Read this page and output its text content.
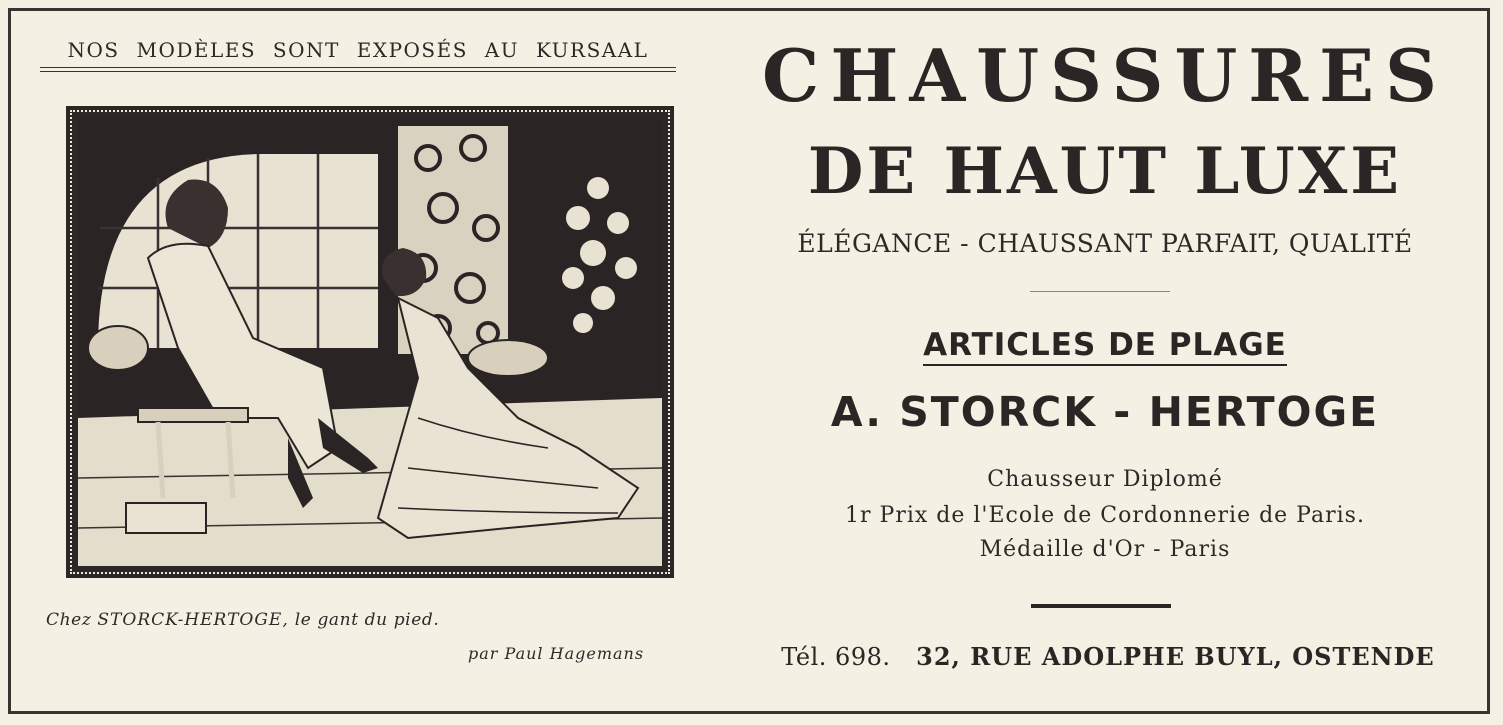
NOS MODÈLES SONT EXPOSÉS AU KURSAAL
Chez STORCK-HERTOGE, le gant du pied.
par Paul Hagemans
CHAUSSURES
DE HAUT LUXE
ÉLÉGANCE - CHAUSSANT PARFAIT, QUALITÉ
ARTICLES DE PLAGE
A. STORCK - HERTOGE
Chausseur Diplomé
1r Prix de l'Ecole de Cordonnerie de Paris.
Médaille d'Or - Paris
Tél. 698. 32, RUE ADOLPHE BUYL, OSTENDE
